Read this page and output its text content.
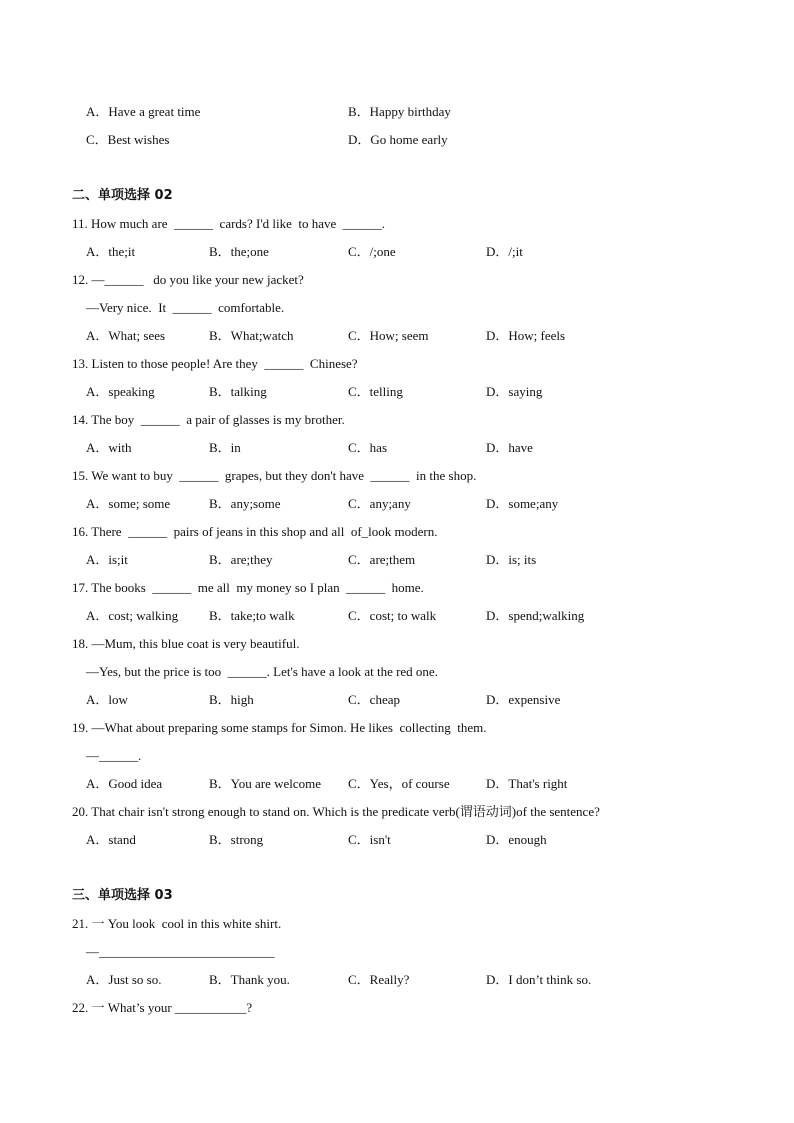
A．Have a great time	B．Happy birthday
C．Best wishes	D．Go home early
二、单项选择 02
11. How much are  ______  cards? I'd like  to have  ______.
A．the;it	B．the;one	C．/;one	D．/;it
12. —______   do you like your new jacket?
—Very nice.  It  ______  comfortable.
A．What; sees	B．What;watch	C．How; seem	D．How; feels
13. Listen to those people! Are they  ______  Chinese?
A．speaking	B．talking	C．telling	D．saying
14. The boy  ______  a pair of glasses is my brother.
A．with	B．in	C．has	D．have
15. We want to buy  ______  grapes, but they don't have  ______  in the shop.
A．some; some	B．any;some	C．any;any	D．some;any
16. There  ______  pairs of jeans in this shop and all  of_look modern.
A．is;it	B．are;they	C．are;them	D．is; its
17. The books  ______  me all  my money so I plan  ______  home.
A．cost; walking B．take;to walk	C．cost; to walk	D．spend;walking
18. —Mum, this blue coat is very beautiful.
—Yes, but the price is too  ______. Let's have a look at the red one.
A．low	B．high	C．cheap	D．expensive
19. —What about preparing some stamps for Simon. He likes  collecting  them.
—______.
A．Good idea	B．You are welcome C．Yes，of course	D．That's right
20. That chair isn't strong enough to stand on. Which is the predicate verb(谓语动词)of the sentence?
A．stand	B．strong	C．isn't	D．enough
三、单项选择 03
21. 一 You look  cool in this white shirt.
—___________________________
A．Just so so.	B．Thank you.	C．Really?	D．I don’t think so.
22. 一 What’s your ___________?
